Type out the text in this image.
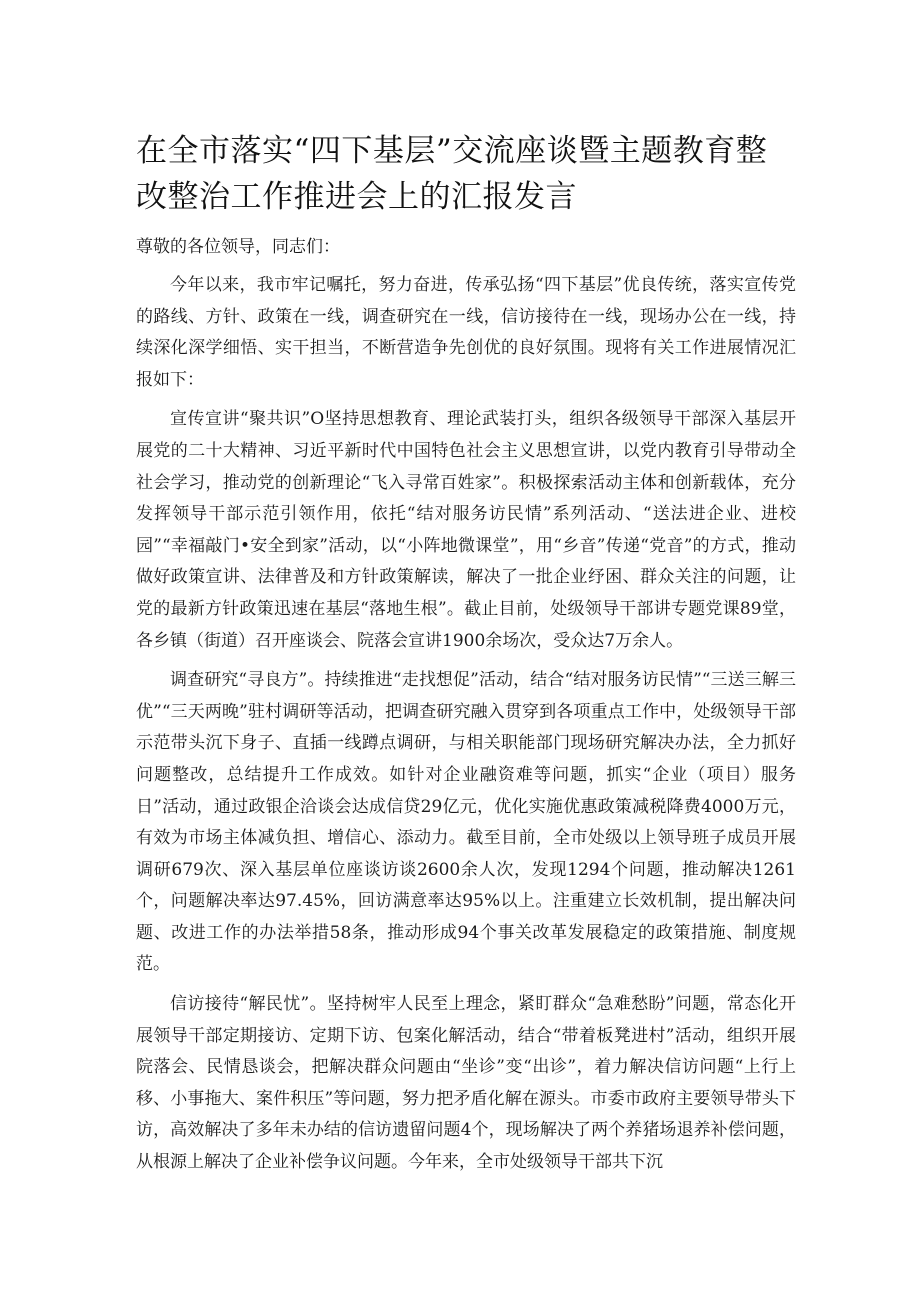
在全市落实“四下基层”交流座谈暨主题教育整改整治工作推进会上的汇报发言

尊敬的各位领导，同志们：

今年以来，我市牢记嘱托，努力奋进，传承弘扬“四下基层”优良传统，落实宣传党的路线、方针、政策在一线，调查研究在一线，信访接待在一线，现场办公在一线，持续深化深学细悟、实干担当，不断营造争先创优的良好氛围。现将有关工作进展情况汇报如下：

宣传宣讲“聚共识”O坚持思想教育、理论武装打头，组织各级领导干部深入基层开展党的二十大精神、习近平新时代中国特色社会主义思想宣讲，以党内教育引导带动全社会学习，推动党的创新理论“飞入寻常百姓家”。积极探索活动主体和创新载体，充分发挥领导干部示范引领作用，依托“结对服务访民情”系列活动、“送法进企业、进校园”“幸福敲门•安全到家”活动，以“小阵地微课堂”，用“乡音”传递“党音”的方式，推动做好政策宣讲、法律普及和方针政策解读，解决了一批企业纾困、群众关注的问题，让党的最新方针政策迅速在基层“落地生根”。截止目前，处级领导干部讲专题党课89堂，各乡镇（街道）召开座谈会、院落会宣讲1900余场次，受众达7万余人。

调查研究“寻良方”。持续推进“走找想促”活动，结合“结对服务访民情”“三送三解三优”“三天两晚”驻村调研等活动，把调查研究融入贯穿到各项重点工作中，处级领导干部示范带头沉下身子、直插一线蹲点调研，与相关职能部门现场研究解决办法，全力抓好问题整改，总结提升工作成效。如针对企业融资难等问题，抓实“企业（项目）服务日”活动，通过政银企洽谈会达成信贷29亿元，优化实施优惠政策减税降费4000万元，有效为市场主体减负担、增信心、添动力。截至目前，全市处级以上领导班子成员开展调研679次、深入基层单位座谈访谈2600余人次，发现1294个问题，推动解决1261个，问题解决率达97.45%，回访满意率达95%以上。注重建立长效机制，提出解决问题、改进工作的办法举措58条，推动形成94个事关改革发展稳定的政策措施、制度规范。

信访接待“解民忧”。坚持树牢人民至上理念，紧盯群众“急难愁盼”问题，常态化开展领导干部定期接访、定期下访、包案化解活动，结合“带着板凳进村”活动，组织开展院落会、民情恳谈会，把解决群众问题由“坐诊”变“出诊”，着力解决信访问题“上行上移、小事拖大、案件积压”等问题，努力把矛盾化解在源头。市委市政府主要领导带头下访，高效解决了多年未办结的信访遗留问题4个，现场解决了两个养猪场退养补偿问题，从根源上解决了企业补偿争议问题。今年来，全市处级领导干部共下沉
